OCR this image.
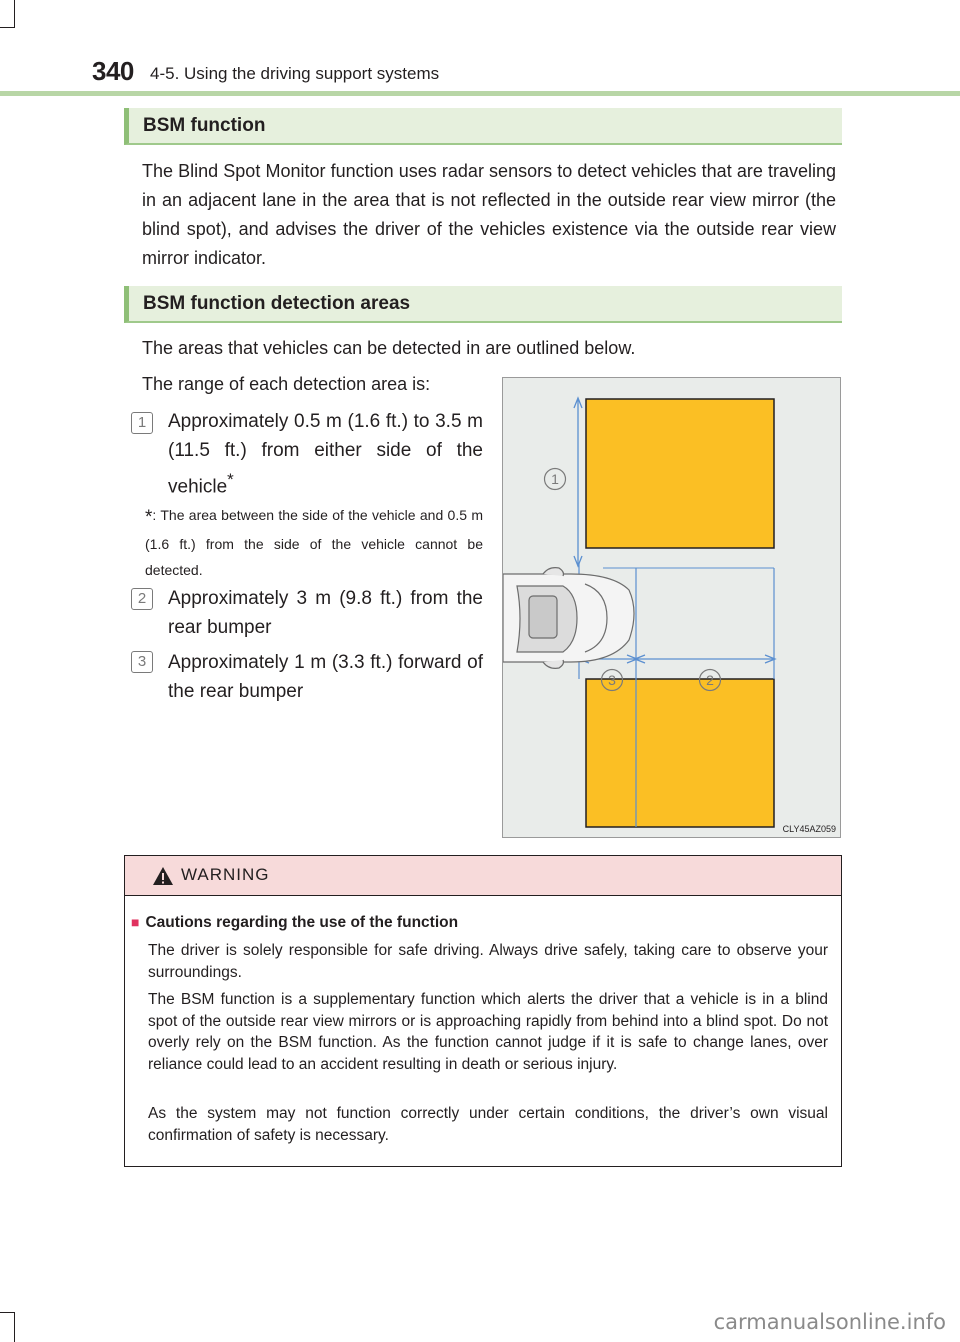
340 4-5. Using the driving support systems
BSM function

The Blind Spot Monitor function uses radar sensors to detect vehicles that are traveling in an adjacent lane in the area that is not reflected in the outside rear view mirror (the blind spot), and advises the driver of the vehicles existence via the outside rear view mirror indicator.

BSM function detection areas
The areas that vehicles can be detected in are outlined below.
The range of each detection area is:
1	Approximately 0.5 m (1.6 ft.) to 3.5 m (11.5 ft.) from either side of the vehicle*

*: The area between the side of the vehicle and 0.5 m (1.6 ft.) from the side of the vehicle cannot be detected.

2	Approximately 3 m (9.8 ft.) from the rear bumper

3	Approximately 1 m (3.3 ft.) forward of the rear bumper

1
3	2
CLY45AZ059
WARNING
■ Cautions regarding the use of the function

The driver is solely responsible for safe driving. Always drive safely, taking care to observe your surroundings.

The BSM function is a supplementary function which alerts the driver that a vehicle is in a blind spot of the outside rear view mirrors or is approaching rapidly from behind into a blind spot. Do not overly rely on the BSM function. As the function cannot judge if it is safe to change lanes, over reliance could lead to an accident resulting in death or serious injury.

As the system may not function correctly under certain conditions, the driver’s own visual confirmation of safety is necessary.

carmanualsonline.info
